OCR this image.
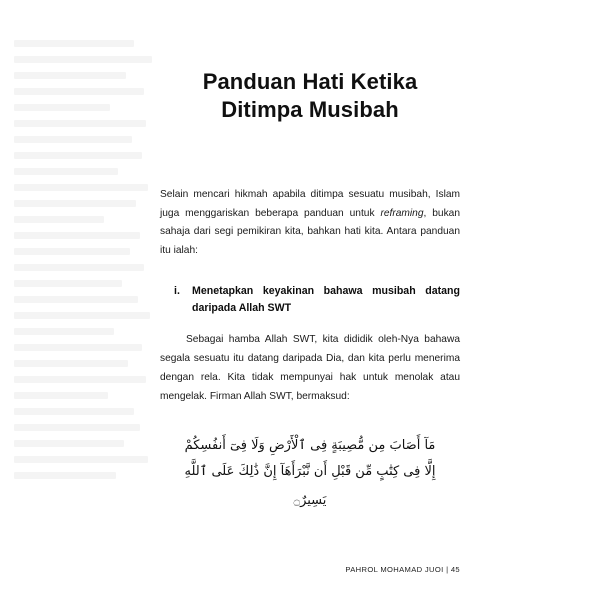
Panduan Hati Ketika Ditimpa Musibah

Selain mencari hikmah apabila ditimpa sesuatu musibah, Islam juga menggariskan beberapa panduan untuk reframing, bukan sahaja dari segi pemikiran kita, bahkan hati kita. Antara panduan itu ialah:

i.	Menetapkan keyakinan bahawa musibah datang daripada Allah SWT

Sebagai hamba Allah SWT, kita dididik oleh-Nya bahawa segala sesuatu itu datang daripada Dia, dan kita perlu menerima dengan rela. Kita tidak mempunyai hak untuk menolak atau mengelak. Firman Allah SWT, bermaksud:

مَآ أَصَابَ مِن مُّصِيبَةٍ فِى ٱلْأَرْضِ وَلَا فِىٓ أَنفُسِكُمْ
إِلَّا فِى كِتَٰبٍ مِّن قَبْلِ أَن نَّبْرَأَهَآ إِنَّ ذَٰلِكَ عَلَى ٱللَّهِ
يَسِيرٌ۝
PAHROL MOHAMAD JUOI | 45
